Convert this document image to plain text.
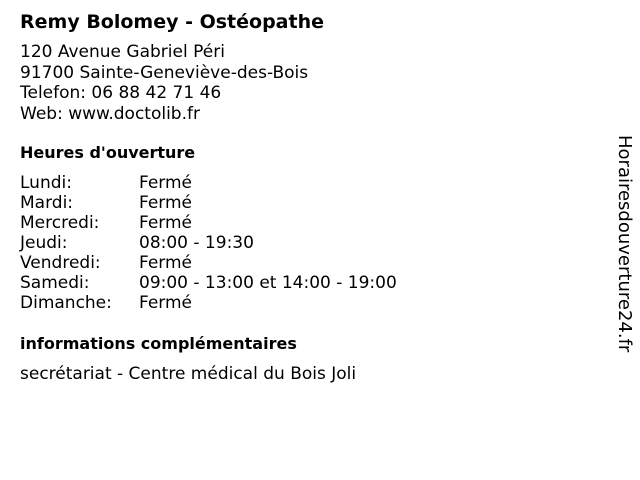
Remy Bolomey - Ostéopathe
120 Avenue Gabriel Péri
91700 Sainte-Geneviève-des-Bois
Telefon: 06 88 42 71 46
Web: www.doctolib.fr
Heures d'ouverture
Lundi:	Fermé
Mardi:	Fermé
Mercredi:	Fermé
Jeudi:	08:00 - 19:30
Vendredi:	Fermé
Samedi:	09:00 - 13:00 et 14:00 - 19:00
Dimanche:	Fermé
informations complémentaires
secrétariat - Centre médical du Bois Joli
Horairesdouverture24.fr
